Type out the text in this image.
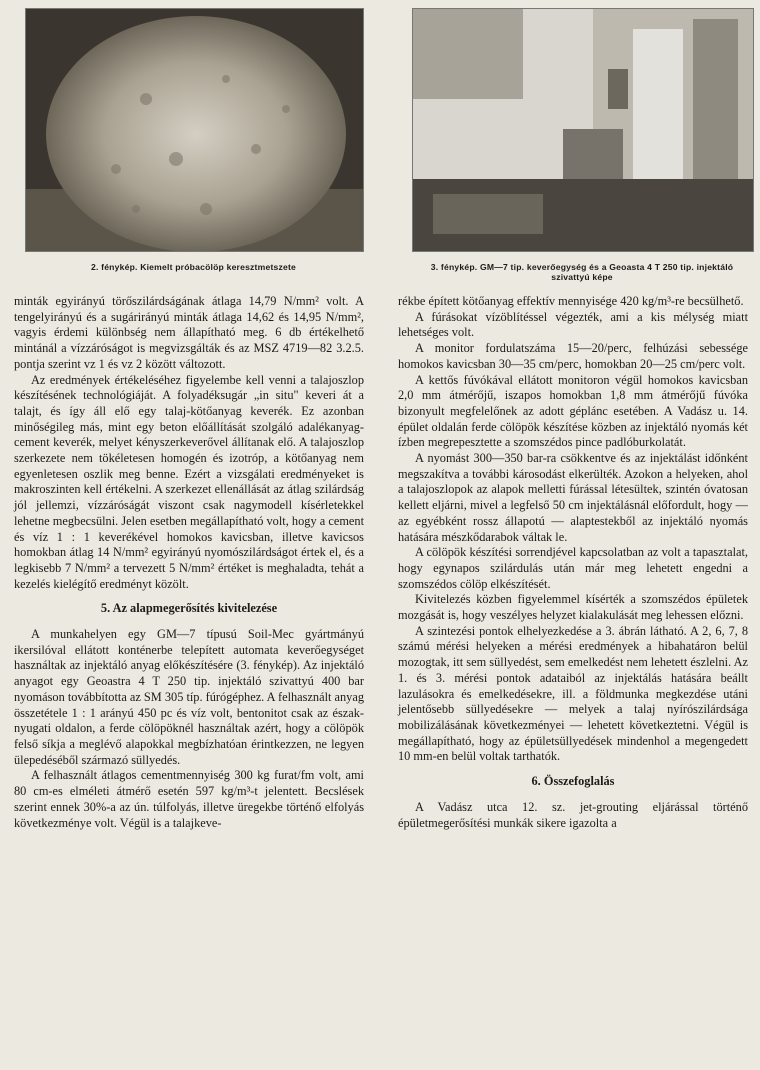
2. fénykép. Kiemelt próbacölöp keresztmetszete	3. fénykép. GM—7 tip. keverőegység és a Geoasta 4 T 250 tip. injektáló szivattyú képe

minták egyirányú törőszilárdságának átlaga 14,79 N/mm² volt. A tengelyirányú és a sugárirányú minták átlaga 14,62 és 14,95 N/mm², vagyis érdemi különbség nem állapítható meg. 6 db értékelhető mintánál a vízzáróságot is megvizsgálták és az MSZ 4719—82 3.2.5. pontja szerint vz 1 és vz 2 között változott.

Az eredmények értékeléséhez figyelembe kell venni a talajoszlop készítésének technológiáját. A folyadéksugár „in situ" keveri át a talajt, és így áll elő egy talaj-kötőanyag keverék. Ez azonban minőségileg más, mint egy beton előállítását szolgáló adalékanyag-cement keverék, melyet kényszerkeverővel állítanak elő. A talajoszlop szerkezete nem tökéletesen homogén és izotróp, a kötőanyag nem egyenletesen oszlik meg benne. Ezért a vizsgálati eredményeket is makroszinten kell értékelni. A szerkezet ellenállását az átlag szilárdság jól jellemzi, vízzáróságát viszont csak nagymodell kísérletekkel lehetne megbecsülni. Jelen esetben megállapítható volt, hogy a cement és víz 1 : 1 keverékével homokos kavicsban, illetve kavicsos homokban átlag 14 N/mm² egyirányú nyomószilárdságot értek el, és a legkisebb 7 N/mm² a tervezett 5 N/mm² értéket is meghaladta, tehát a kezelés kielégítő eredményt közölt.

5. Az alapmegerősítés kivitelezése

A munkahelyen egy GM—7 típusú Soil-Mec gyártmányú ikersilóval ellátott konténerbe telepített automata keverőegységet használtak az injektáló anyag előkészítésére (3. fénykép). Az injektáló anyagot egy Geoastra 4 T 250 tip. injektáló szivattyú 400 bar nyomáson továbbította az SM 305 típ. fúrógéphez. A felhasznált anyag összetétele 1 : 1 arányú 450 pc és víz volt, bentonitot csak az észak-nyugati oldalon, a ferde cölöpöknél használtak azért, hogy a cölöpök felső síkja a meglévő alapokkal megbízhatóan érintkezzen, ne legyen ülepedéséből származó süllyedés.

A felhasznált átlagos cementmennyiség 300 kg furat/fm volt, ami 80 cm-es elméleti átmérő esetén 597 kg/m³-t jelentett. Becslések szerint ennek 30%-a az ún. túlfolyás, illetve üregekbe történő elfolyás következménye volt. Végül is a talajkeve-

rékbe épített kötőanyag effektív mennyisége 420 kg/m³-re becsülhető.

A fúrásokat vízöblítéssel végezték, ami a kis mélység miatt lehetséges volt.

A monitor fordulatszáma 15—20/perc, felhúzási sebessége homokos kavicsban 30—35 cm/perc, homokban 20—25 cm/perc volt.

A kettős fúvókával ellátott monitoron végül homokos kavicsban 2,0 mm átmérőjű, iszapos homokban 1,8 mm átmérőjű fúvóka bizonyult megfelelőnek az adott géplánc esetében. A Vadász u. 14. épület oldalán ferde cölöpök készítése közben az injektáló nyomás két ízben megrepesztette a szomszédos pince padlóburkolatát.

A nyomást 300—350 bar-ra csökkentve és az injektálást időnként megszakítva a további károsodást elkerülték. Azokon a helyeken, ahol a talajoszlopok az alapok melletti fúrással létesültek, szintén óvatosan kellett eljárni, mivel a legfelső 50 cm injektálásnál előfordult, hogy — az egyébként rossz állapotú — alaptestekből az injektáló nyomás hatására mészkődarabok váltak le.

A cölöpök készítési sorrendjével kapcsolatban az volt a tapasztalat, hogy egynapos szilárdulás után már meg lehetett engedni a szomszédos cölöp elkészítését.

Kivitelezés közben figyelemmel kísérték a szomszédos épületek mozgását is, hogy veszélyes helyzet kialakulását meg lehessen előzni.

A szintezési pontok elhelyezkedése a 3. ábrán látható. A 2, 6, 7, 8 számú mérési helyeken a mérési eredmények a hibahatáron belül mozogtak, itt sem süllyedést, sem emelkedést nem lehetett észlelni. Az 1. és 3. mérési pontok adataiból az injektálás hatására beállt lazulásokra és emelkedésekre, ill. a földmunka megkezdése utáni jelentősebb süllyedésekre — melyek a talaj nyírószilárdsága mobilizálásának következményei — lehetett következtetni. Végül is megállapítható, hogy az épületsüllyedések mindenhol a megengedett 10 mm-en belül voltak tarthatók.

6. Összefoglalás

A Vadász utca 12. sz. jet-grouting eljárással történő épületmegerősítési munkák sikere igazolta a
